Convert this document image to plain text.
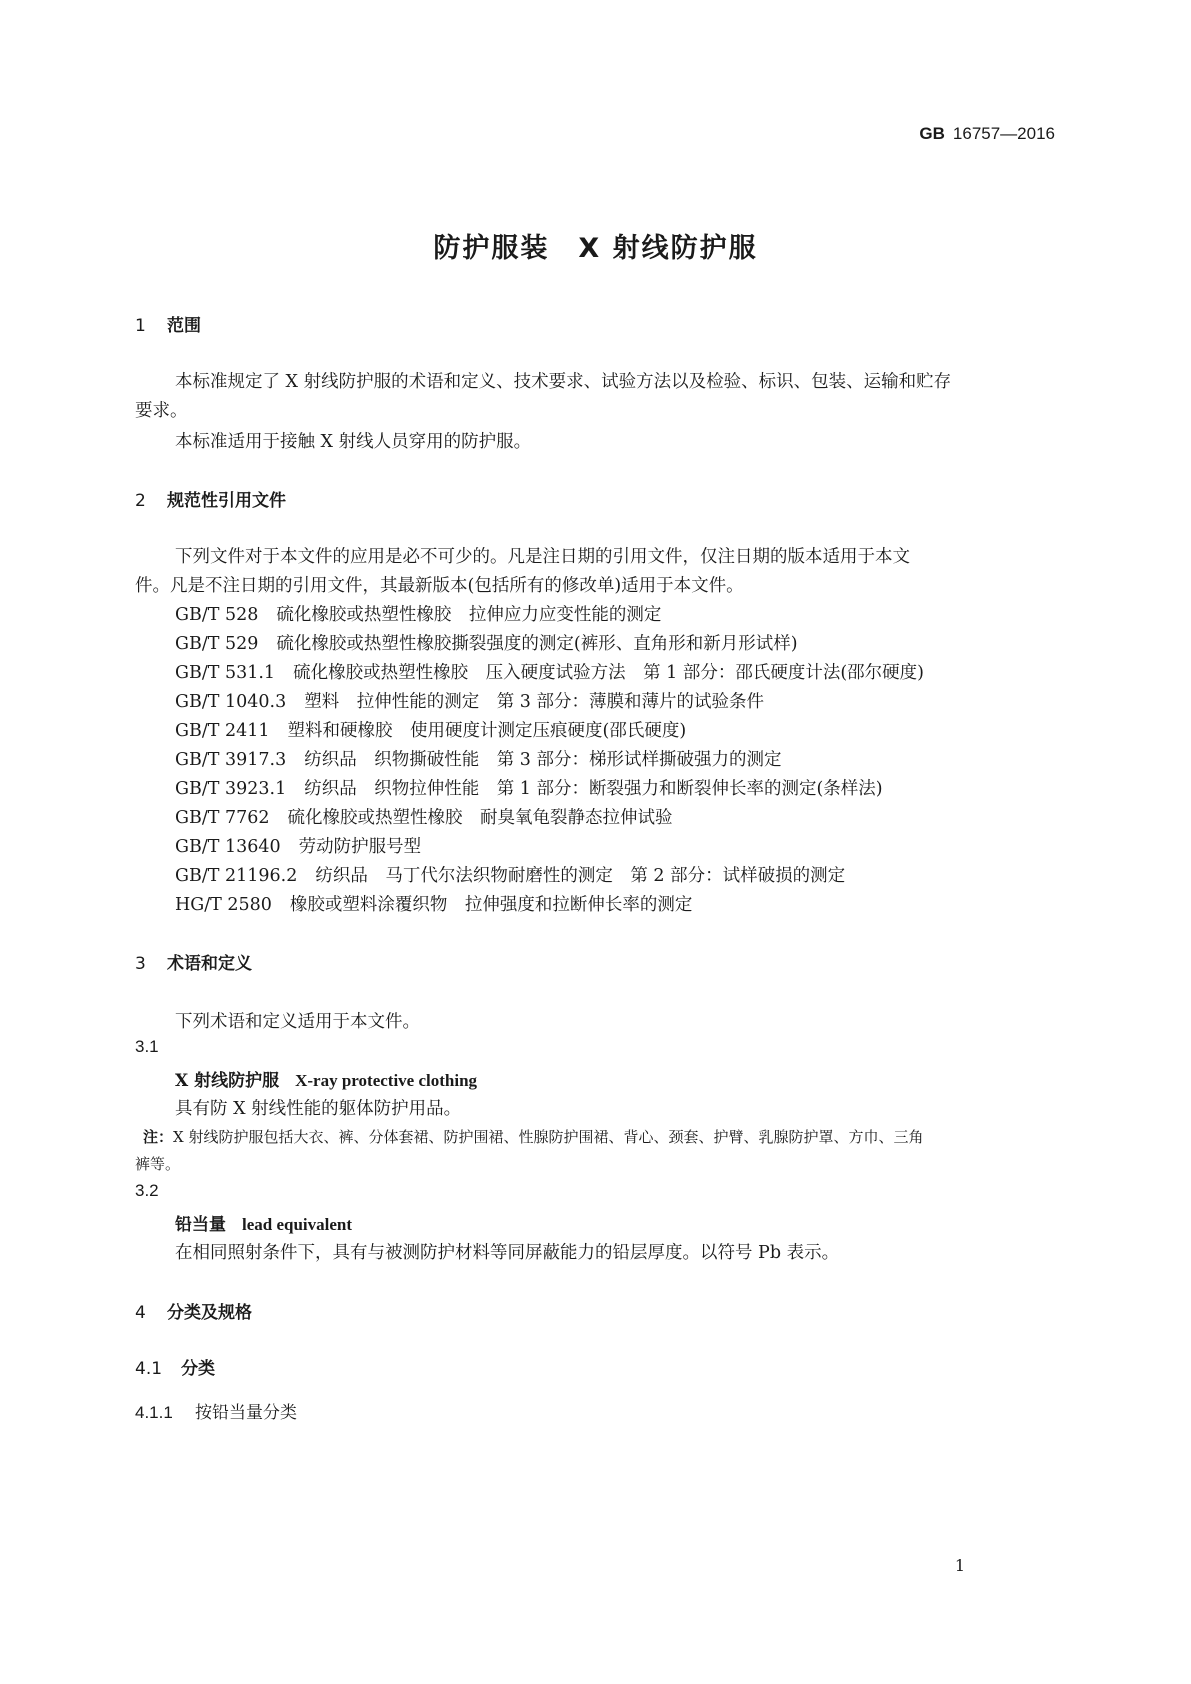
GB 16757—2016
防护服装　X 射线防护服
1 范围
本标准规定了 X 射线防护服的术语和定义、技术要求、试验方法以及检验、标识、包装、运输和贮存
要求。
本标准适用于接触 X 射线人员穿用的防护服。
2 规范性引用文件
下列文件对于本文件的应用是必不可少的。凡是注日期的引用文件，仅注日期的版本适用于本文
件。凡是不注日期的引用文件，其最新版本(包括所有的修改单)适用于本文件。
GB/T 528 硫化橡胶或热塑性橡胶　拉伸应力应变性能的测定
GB/T 529 硫化橡胶或热塑性橡胶撕裂强度的测定(裤形、直角形和新月形试样)
GB/T 531.1 硫化橡胶或热塑性橡胶　压入硬度试验方法　第 1 部分：邵氏硬度计法(邵尔硬度)
GB/T 1040.3 塑料　拉伸性能的测定　第 3 部分：薄膜和薄片的试验条件
GB/T 2411 塑料和硬橡胶　使用硬度计测定压痕硬度(邵氏硬度)
GB/T 3917.3 纺织品　织物撕破性能　第 3 部分：梯形试样撕破强力的测定
GB/T 3923.1 纺织品　织物拉伸性能　第 1 部分：断裂强力和断裂伸长率的测定(条样法)
GB/T 7762 硫化橡胶或热塑性橡胶　耐臭氧龟裂静态拉伸试验
GB/T 13640 劳动防护服号型
GB/T 21196.2 纺织品　马丁代尔法织物耐磨性的测定　第 2 部分：试样破损的测定
HG/T 2580 橡胶或塑料涂覆织物　拉伸强度和拉断伸长率的测定
3 术语和定义
下列术语和定义适用于本文件。
3.1
X 射线防护服 X-ray protective clothing
具有防 X 射线性能的躯体防护用品。
注：X 射线防护服包括大衣、裤、分体套裙、防护围裙、性腺防护围裙、背心、颈套、护臂、乳腺防护罩、方巾、三角
裤等。
3.2
铅当量 lead equivalent
在相同照射条件下，具有与被测防护材料等同屏蔽能力的铅层厚度。以符号 Pb 表示。
4 分类及规格
4.1 分类
4.1.1 按铅当量分类
1
